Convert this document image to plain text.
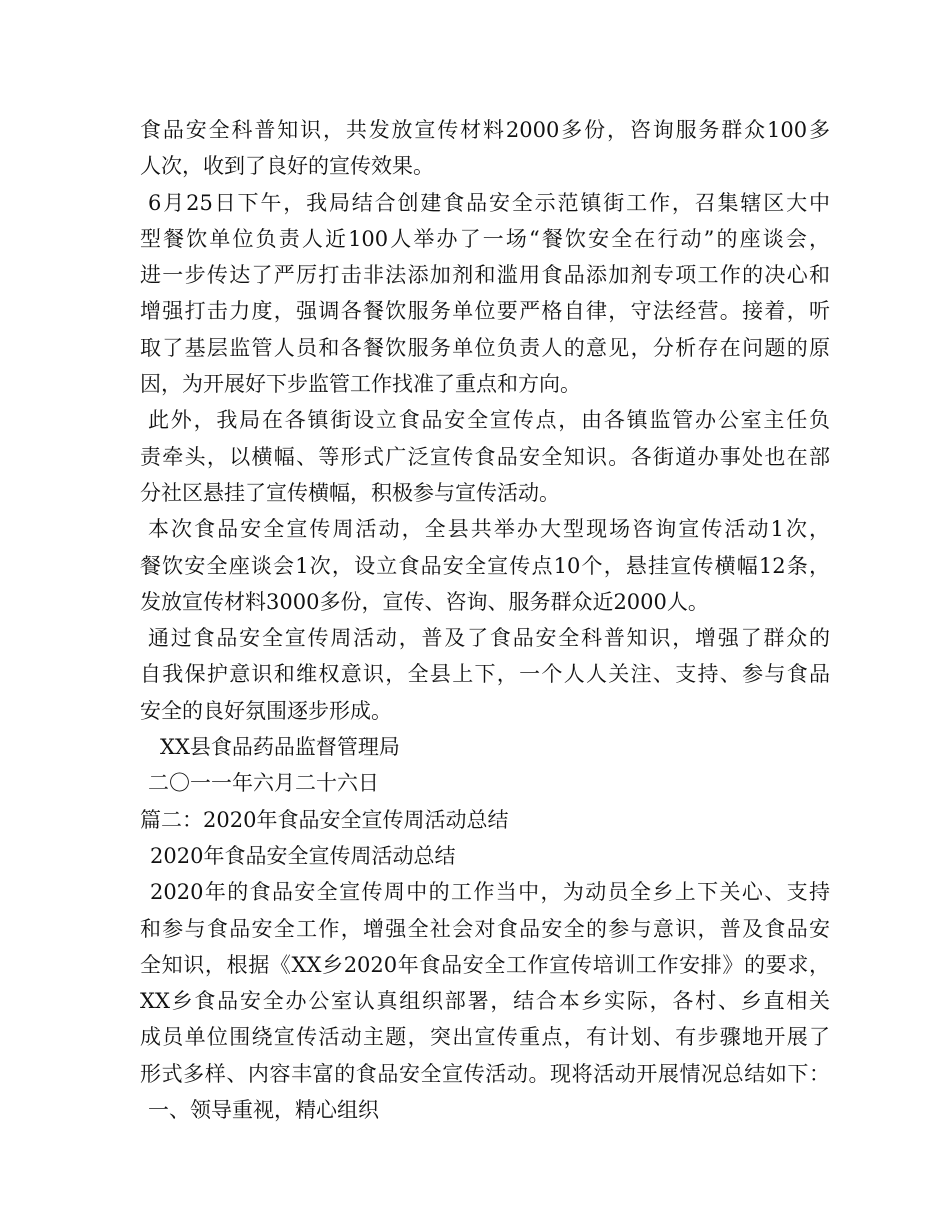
食品安全科普知识，共发放宣传材料2000多份，咨询服务群众100多
人次，收到了良好的宣传效果。
6月25日下午，我局结合创建食品安全示范镇街工作，召集辖区大中
型餐饮单位负责人近100人举办了一场“餐饮安全在行动”的座谈会，
进一步传达了严厉打击非法添加剂和滥用食品添加剂专项工作的决心和
增强打击力度，强调各餐饮服务单位要严格自律，守法经营。接着，听
取了基层监管人员和各餐饮服务单位负责人的意见，分析存在问题的原
因，为开展好下步监管工作找准了重点和方向。
此外，我局在各镇街设立食品安全宣传点，由各镇监管办公室主任负
责牵头，以横幅、等形式广泛宣传食品安全知识。各街道办事处也在部
分社区悬挂了宣传横幅，积极参与宣传活动。
本次食品安全宣传周活动，全县共举办大型现场咨询宣传活动1次，
餐饮安全座谈会1次，设立食品安全宣传点10个，悬挂宣传横幅12条，
发放宣传材料3000多份，宣传、咨询、服务群众近2000人。
通过食品安全宣传周活动，普及了食品安全科普知识，增强了群众的
自我保护意识和维权意识，全县上下，一个人人关注、支持、参与食品
安全的良好氛围逐步形成。
XX县食品药品监督管理局
二〇一一年六月二十六日
篇二：2020年食品安全宣传周活动总结
2020年食品安全宣传周活动总结
2020年的食品安全宣传周中的工作当中，为动员全乡上下关心、支持
和参与食品安全工作，增强全社会对食品安全的参与意识，普及食品安
全知识，根据《XX乡2020年食品安全工作宣传培训工作安排》的要求，
XX乡食品安全办公室认真组织部署，结合本乡实际，各村、乡直相关
成员单位围绕宣传活动主题，突出宣传重点，有计划、有步骤地开展了
形式多样、内容丰富的食品安全宣传活动。现将活动开展情况总结如下：
一、领导重视，精心组织
